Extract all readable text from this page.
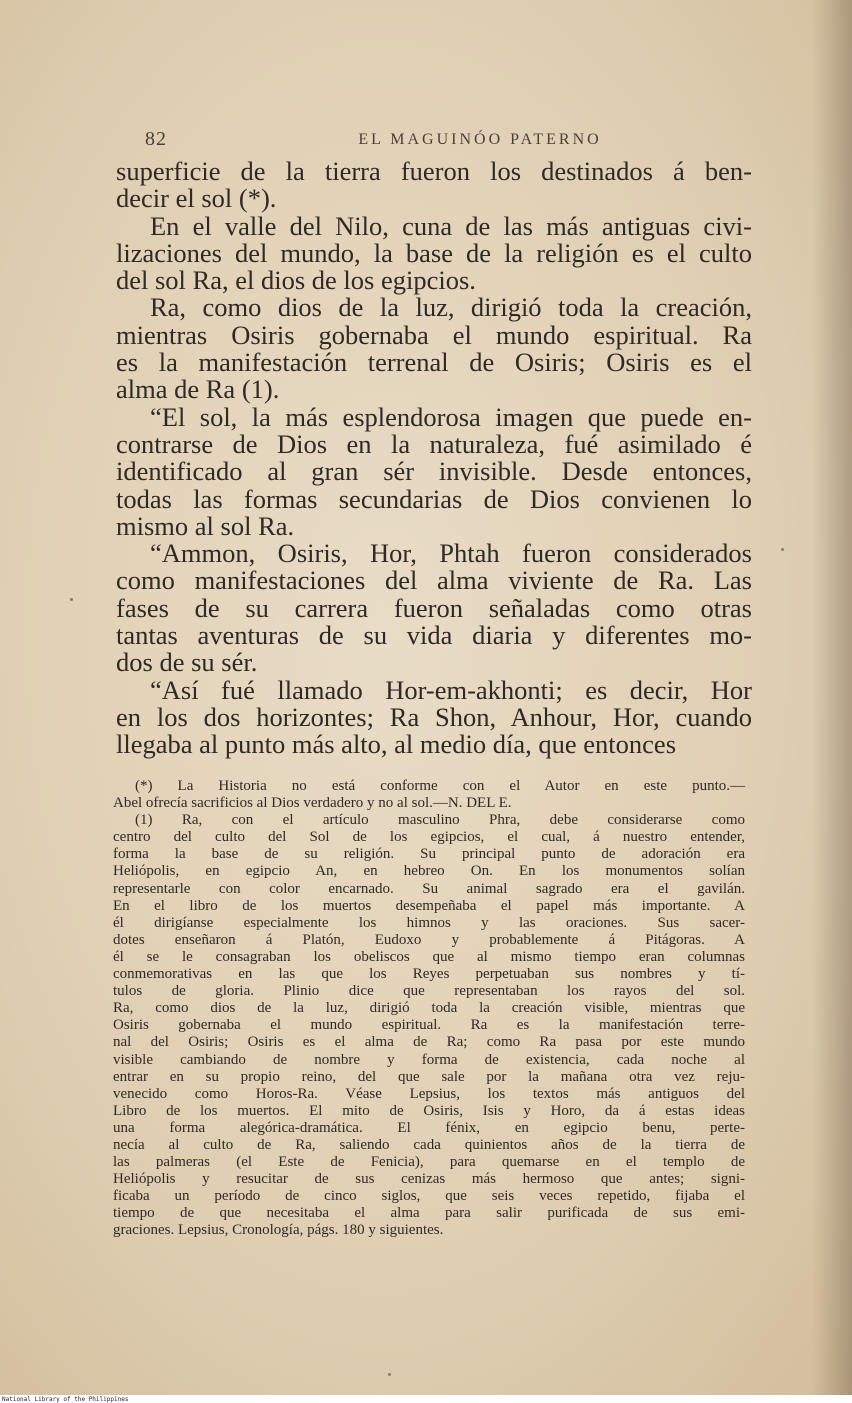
82	EL MAGUINÓO PATERNO
superficie de la tierra fueron los destinados á ben-
decir el sol (*).
En el valle del Nilo, cuna de las más antiguas civi-
lizaciones del mundo, la base de la religión es el culto
del sol Ra, el dios de los egipcios.
Ra, como dios de la luz, dirigió toda la creación,
mientras Osiris gobernaba el mundo espiritual. Ra
es la manifestación terrenal de Osiris; Osiris es el
alma de Ra (1).
“El sol, la más esplendorosa imagen que puede en-
contrarse de Dios en la naturaleza, fué asimilado é
identificado al gran sér invisible. Desde entonces,
todas las formas secundarias de Dios convienen lo
mismo al sol Ra.
“Ammon, Osiris, Hor, Phtah fueron considerados
como manifestaciones del alma viviente de Ra. Las
fases de su carrera fueron señaladas como otras
tantas aventuras de su vida diaria y diferentes mo-
dos de su sér.
“Así fué llamado Hor-em-akhonti; es decir, Hor
en los dos horizontes; Ra Shon, Anhour, Hor, cuando
llegaba al punto más alto, al medio día, que entonces
(*) La Historia no está conforme con el Autor en este punto.—
Abel ofrecía sacrificios al Dios verdadero y no al sol.—N. DEL E.
(1) Ra, con el artículo masculino Phra, debe considerarse como
centro del culto del Sol de los egipcios, el cual, á nuestro entender,
forma la base de su religión. Su principal punto de adoración era
Heliópolis, en egipcio An, en hebreo On. En los monumentos solían
representarle con color encarnado. Su animal sagrado era el gavilán.
En el libro de los muertos desempeñaba el papel más importante. A
él dirigíanse especialmente los himnos y las oraciones. Sus sacer-
dotes enseñaron á Platón, Eudoxo y probablemente á Pitágoras. A
él se le consagraban los obeliscos que al mismo tiempo eran columnas
conmemorativas en las que los Reyes perpetuaban sus nombres y tí-
tulos de gloria. Plinio dice que representaban los rayos del sol.
Ra, como dios de la luz, dirigió toda la creación visible, mientras que
Osiris gobernaba el mundo espiritual. Ra es la manifestación terre-
nal del Osiris; Osiris es el alma de Ra; como Ra pasa por este mundo
visible cambiando de nombre y forma de existencia, cada noche al
entrar en su propio reino, del que sale por la mañana otra vez reju-
venecido como Horos-Ra. Véase Lepsius, los textos más antiguos del
Libro de los muertos. El mito de Osiris, Isis y Horo, da á estas ideas
una forma alegórica-dramática. El fénix, en egipcio benu, perte-
necía al culto de Ra, saliendo cada quinientos años de la tierra de
las palmeras (el Este de Fenicia), para quemarse en el templo de
Heliópolis y resucitar de sus cenizas más hermoso que antes; signi-
ficaba un período de cinco siglos, que seis veces repetido, fijaba el
tiempo de que necesitaba el alma para salir purificada de sus emi-
graciones. Lepsius, Cronología, págs. 180 y siguientes.
National Library of the Philippines
